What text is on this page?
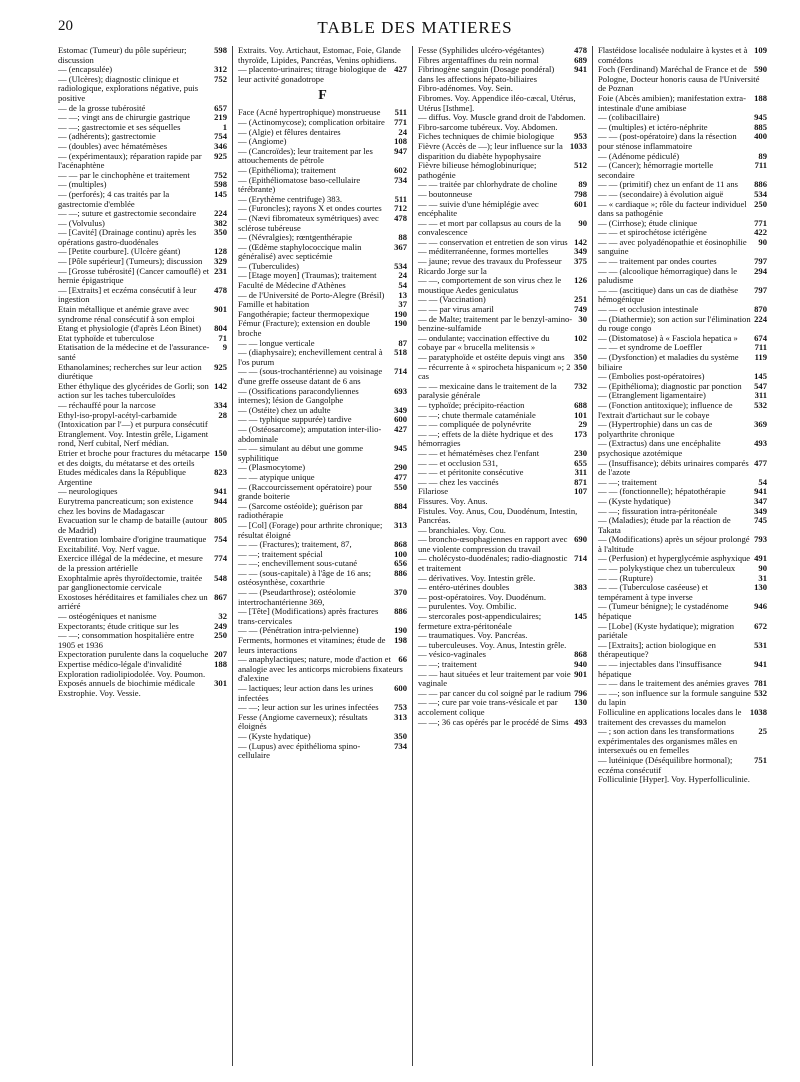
20	TABLE DES MATIERES

598
Estomac (Tumeur) du pôle supérieur; discussion

312
— (encapsulée)

752
— (Ulcères); diagnostic clinique et radiologique, explorations négative, puis positive

657
— de la grosse tubérosité

219
— —; vingt ans de chirurgie gastrique

1
— —; gastrectomie et ses séquelles

754
— (adhérents); gastrectomie

346
— (doubles) avec hématémèses

925
— (expérimentaux); réparation rapide par l'acénaphtène

752
— — par le cinchophène et traitement

598
— (multiples)

145
— (perforés); 4 cas traités par la gastrectomie d'emblée

224
— —; suture et gastrectomie secondaire

382
— (Volvulus)

350
— [Cavité] (Drainage continu) après les opérations gastro-duodénales

128
— [Petite courbure]. (Ulcère géant)

329
— [Pôle supérieur] (Tumeurs); discussion

231
— [Grosse tubérosité] (Cancer camouflé) et hernie épigastrique

478
— [Extraits] et eczéma consécutif à leur ingestion

901
Etain métallique et anémie grave avec syndrome rénal consécutif à son emploi

804
Etang et physiologie (d'après Léon Binet)

71
Etat typhoïde et tuberculose

9
Etatisation de la médecine et de l'assurance-santé

925
Ethanolamines; recherches sur leur action diurétique

142
Ether éthylique des glycérides de Gorli; son action sur les taches tuberculoïdes

334
— réchauffé pour la narcose

28
Ethyl-iso-propyl-acétyl-carbamide (Intoxication par l'—) et purpura consécutif

Etranglement. Voy. Intestin grêle, Ligament rond, Nerf cubital, Nerf médian.

150
Etrier et broche pour fractures du métacarpe et des doigts, du métatarse et des orteils

823
Etudes médicales dans la République Argentine

941
— neurologiques

944
Eurytrema pancreaticum; son existence chez les bovins de Madagascar

805
Evacuation sur le champ de bataille (autour de Madrid)

754
Eventration lombaire d'origine traumatique

Excitabilité. Voy. Nerf vague.

774
Exercice illégal de la médecine, et mesure de la pression artérielle

548
Exophtalmie après thyroïdectomie, traitée par ganglionectomie cervicale

867
Exostoses héréditaires et familiales chez un arriéré

32
— ostéogéniques et nanisme

249
Expectorants; étude critique sur les

250
— —; consommation hospitalière entre 1905 et 1936

207
Expectoration purulente dans la coqueluche

188
Expertise médico-légale d'invalidité

Exploration radiolipiodolée. Voy. Poumon.

301
Exposés annuels de biochimie médicale

Exstrophie. Voy. Vessie.

Extraits. Voy. Artichaut, Estomac, Foie, Glande thyroïde, Lipides, Pancréas, Venins ophidiens.

427
— placento-urinaires; titrage biologique de leur activité gonadotrope

F

511
Face (Acné hypertrophique) monstrueuse

771
— (Actinomycose); complication orbitaire

24
— (Algie) et fêlures dentaires

108
— (Angiome)

947
— (Cancroïdes); leur traitement par les attouchements de pétrole

602
— (Epithélioma); traitement

734
— (Epithéliomatose baso-cellulaire térébrante)

511
— (Erythème centrifuge) 383.

712
— (Furoncles); rayons X et ondes courtes

478
— (Nævi fibromateux symétriques) avec sclérose tubéreuse

88
— (Névralgies); rœntgenthérapie

367
— (Œdème staphylococcique malin généralisé) avec septicémie

534
— (Tuberculides)

24
— [Etage moyen] (Traumas); traitement

54
Faculté de Médecine d'Athènes

13
— de l'Université de Porto-Alegre (Brésil)

37
Famille et habitation

190
Fangothérapie; facteur thermopexique

190
Fémur (Fracture); extension en double broche

87
— — longue verticale

518
— (diaphysaire); enchevillement central à l'os purum

714
— — (sous-trochantérienne) au voisinage d'une greffe osseuse datant de 6 ans

693
— (Ossifications paracondyliennes internes); lésion de Gangolphe

349
— (Ostéite) chez un adulte

600
— — typhique suppurée) tardive

427
— (Ostéosarcome); amputation inter-ilio-abdominale

945
— — simulant au début une gomme syphilitique

290
— (Plasmocytome)

477
— — atypique unique

550
— (Raccourcissement opératoire) pour grande boiterie

884
— (Sarcome ostéoïde); guérison par radiothérapie

313
— [Col] (Forage) pour arthrite chronique; résultat éloigné

868
— — (Fractures); traitement, 87,

100
— —; traitement spécial

656
— —; enchevillement sous-cutané

886
— — (sous-capitale) à l'âge de 16 ans; ostéosynthèse, coxarthrie

370
— — (Pseudarthrose); ostéolomie intertrochantérienne 369,

886
— [Tête] (Modifications) après fractures trans-cervicales

190
— — (Pénétration intra-pelvienne)

198
Ferments, hormones et vitamines; étude de leurs interactions

66
— anaphylactiques; nature, mode d'action et analogie avec les anticorps microbiens fixateurs d'alexine

600
— lactiques; leur action dans les urines infectées

753
— —; leur action sur les urines infectées

313
Fesse (Angiome caverneux); résultats éloignés

350
— (Kyste hydatique)

734
— (Lupus) avec épithélioma spino-cellulaire

478
Fesse (Syphilides ulcéro-végétantes)

689
Fibres argentaffines du rein normal

941
Fibrinogène sanguin (Dosage pondéral) dans les affections hépato-biliaires

Fibro-adénomes. Voy. Sein.

Fibromes. Voy. Appendice iléo-cæcal, Utérus, Utérus [Isthme].

— diffus. Voy. Muscle grand droit de l'abdomen.

Fibro-sarcome tubéreux. Voy. Abdomen.

953
Fiches techniques de chimie biologique

1033
Fièvre (Accès de —); leur influence sur la disparition du diabète hypophysaire

512
Fièvre bilieuse hémoglobinurique; pathogénie

89
— — traitée par chlorhydrate de choline

798
— boutonneuse

601
— — suivie d'une hémiplégie avec encéphalite

90
— — et mort par collapsus au cours de la convalescence

142
— — conservation et entretien de son virus

349
— méditerranéenne, formes mortelles

375
— jaune; revue des travaux du Professeur Ricardo Jorge sur la

126
— —, comportement de son virus chez le moustique Aedes geniculatus

251
— — (Vaccination)

749
— — par virus amaril

30
— de Malte; traitement par le benzyl-amino-benzine-sulfamide

102
— ondulante; vaccination effective du cobaye par « brucella melitensis »

350
— paratyphoïde et ostéite depuis vingt ans

350
— récurrente à « spirocheta hispanicum »; 2 cas

732
— — mexicaine dans le traitement de la paralysie générale

688
— typhoïde; précipito-réaction

101
— —; chute thermale cataméniale

29
— — compliquée de polynévrite

173
— —; effets de la diète hydrique et des hémorragies

230
— — et hématémèses chez l'enfant

655
— — et occlusion 531,

311
— — et péritonite consécutive

871
— — chez les vaccinés

107
Filariose

Fissures. Voy. Anus.

Fistules. Voy. Anus, Cou, Duodénum, Intestin, Pancréas.

— branchiales. Voy. Cou.

690
— broncho-œsophagiennes en rapport avec une violente compression du travail

714
— cholécysto-duodénales; radio-diagnostic et traitement

— dérivatives. Voy. Intestin grêle.

383
— entéro-utérines doubles

— post-opératoires. Voy. Duodénum.

— purulentes. Voy. Ombilic.

145
— stercorales post-appendiculaires; fermeture extra-péritonéale

— traumatiques. Voy. Pancréas.

— tuberculeuses. Voy. Anus, Intestin grêle.

868
— vésico-vaginales

940
— —; traitement

901
— — haut situées et leur traitement par voie vaginale

796
— — par cancer du col soigné par le radium

130
— —; cure par voie trans-vésicale et par accolement colique

493
— —; 36 cas opérés par le procédé de Sims

109
Flastéidose localisée nodulaire à kystes et à comédons

590
Foch (Ferdinand) Maréchal de France et de Pologne, Docteur honoris causa de l'Université de Poznan

188
Foie (Abcès amibien); manifestation extra-intestinale d'une amibiase

945
— (colibacillaire)

885
— (multiples) et ictéro-néphrite

400
— — (post-opératoire) dans la résection pour sténose inflammatoire

89
— (Adénome pédiculé)

711
— (Cancer); hémorragie mortelle secondaire

886
— — (primitif) chez un enfant de 11 ans

534
— — (secondaire) à évolution aiguë

250
— « cardiaque »; rôle du facteur individuel dans sa pathogénie

771
— (Cirrhose); étude clinique

422
— — et spirochétose ictérigène

90
— — avec polyadénopathie et éosinophilie sanguine

797
— — traitement par ondes courtes

294
— — (alcoolique hémorragique) dans le paludisme

797
— — (ascitique) dans un cas de diathèse hémogénique

870
— — et occlusion intestinale

224
— (Diathermie); son action sur l'élimination du rouge congo

674
— (Distomatose) à « Fasciola hepatica »

711
— — et syndrome de Loeffler

119
— (Dysfonction) et maladies du système biliaire

145
— (Embolies post-opératoires)

547
— (Epithélioma); diagnostic par ponction

311
— (Etranglement ligamentaire)

532
— (Fonction antitoxique); influence de l'extrait d'artichaut sur le cobaye

369
— (Hypertrophie) dans un cas de polyarthrite chronique

493
— (Extractus) dans une encéphalite psychosique azotémique

477
— (Insuffisance); débits urinaires comparés de l'azote

54
— —; traitement

941
— — (fonctionnelle); hépatothérapie

347
— (Kyste hydatique)

349
— —; fissuration intra-péritonéale

745
— (Maladies); étude par la réaction de Takata

793
— (Modifications) après un séjour prolongé à l'altitude

491
— (Perfusion) et hyperglycémie asphyxique

90
— — polykystique chez un tuberculeux

31
— — (Rupture)

130
— — (Tuberculose caséeuse) et tempérament à type inverse

946
— (Tumeur bénigne); le cystadénome hépatique

672
— [Lobe] (Kyste hydatique); migration pariétale

531
— [Extraits]; action biologique en thérapeutique?

941
— — injectables dans l'insuffisance hépatique

781
— — dans le traitement des anémies graves

532
— —; son influence sur la formule sanguine du lapin

1038
Folliculine en applications locales dans le traitement des crevasses du mamelon

25
— ; son action dans les transformations expérimentales des organismes mâles en intersexués ou en femelles

751
— lutéinique (Déséquilibre hormonal); eczéma consécutif

Folliculinie [Hyper]. Voy. Hyperfolliculinie.
